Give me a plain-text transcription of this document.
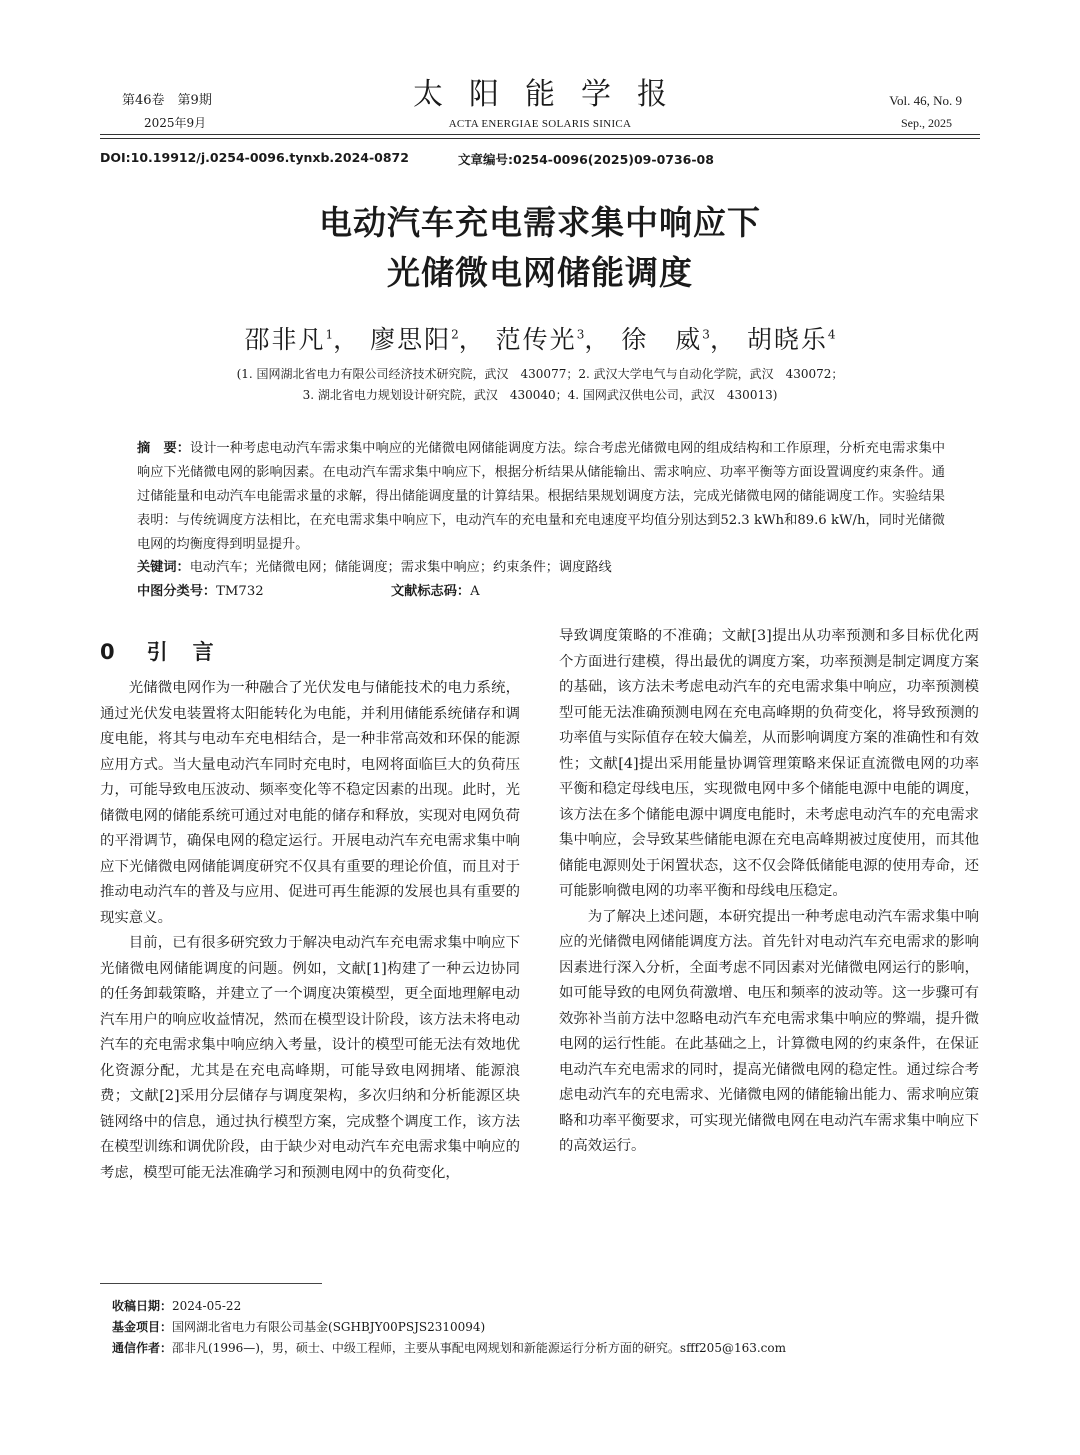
第46卷　第9期
2025年9月
太阳能学报
ACTA ENERGIAE SOLARIS SINICA
Vol. 46, No. 9
Sep., 2025
DOI:10.19912/j.0254-0096.tynxb.2024-0872	文章编号:0254-0096(2025)09-0736-08
电动汽车充电需求集中响应下
光储微电网储能调度
邵非凡$^1$， 廖思阳$^2$， 范传光$^3$， 徐　威$^3$， 胡晓乐$^4$
(1. 国网湖北省电力有限公司经济技术研究院，武汉　430077；2. 武汉大学电气与自动化学院，武汉　430072；
3. 湖北省电力规划设计研究院，武汉　430040；4. 国网武汉供电公司，武汉　430013)
摘　要：设计一种考虑电动汽车需求集中响应的光储微电网储能调度方法。综合考虑光储微电网的组成结构和工作原理，分析充电需求集中响应下光储微电网的影响因素。在电动汽车需求集中响应下，根据分析结果从储能输出、需求响应、功率平衡等方面设置调度约束条件。通过储能量和电动汽车电能需求量的求解，得出储能调度量的计算结果。根据结果规划调度方法，完成光储微电网的储能调度工作。实验结果表明：与传统调度方法相比，在充电需求集中响应下，电动汽车的充电量和充电速度平均值分别达到52.3 kWh和89.6 kW/h，同时光储微电网的均衡度得到明显提升。
关键词：电动汽车；光储微电网；储能调度；需求集中响应；约束条件；调度路线
中图分类号：TM732	文献标志码：A
0 引　言

光储微电网作为一种融合了光伏发电与储能技术的电力系统，通过光伏发电装置将太阳能转化为电能，并利用储能系统储存和调度电能，将其与电动车充电相结合，是一种非常高效和环保的能源应用方式。当大量电动汽车同时充电时，电网将面临巨大的负荷压力，可能导致电压波动、频率变化等不稳定因素的出现。此时，光储微电网的储能系统可通过对电能的储存和释放，实现对电网负荷的平滑调节，确保电网的稳定运行。开展电动汽车充电需求集中响应下光储微电网储能调度研究不仅具有重要的理论价值，而且对于推动电动汽车的普及与应用、促进可再生能源的发展也具有重要的现实意义。

目前，已有很多研究致力于解决电动汽车充电需求集中响应下光储微电网储能调度的问题。例如，文献[1]构建了一种云边协同的任务卸载策略，并建立了一个调度决策模型，更全面地理解电动汽车用户的响应收益情况，然而在模型设计阶段，该方法未将电动汽车的充电需求集中响应纳入考量，设计的模型可能无法有效地优化资源分配，尤其是在充电高峰期，可能导致电网拥堵、能源浪费；文献[2]采用分层储存与调度架构，多次归纳和分析能源区块链网络中的信息，通过执行模型方案，完成整个调度工作，该方法在模型训练和调优阶段，由于缺少对电动汽车充电需求集中响应的考虑，模型可能无法准确学习和预测电网中的负荷变化，

导致调度策略的不准确；文献[3]提出从功率预测和多目标优化两个方面进行建模，得出最优的调度方案，功率预测是制定调度方案的基础，该方法未考虑电动汽车的充电需求集中响应，功率预测模型可能无法准确预测电网在充电高峰期的负荷变化，将导致预测的功率值与实际值存在较大偏差，从而影响调度方案的准确性和有效性；文献[4]提出采用能量协调管理策略来保证直流微电网的功率平衡和稳定母线电压，实现微电网中多个储能电源中电能的调度，该方法在多个储能电源中调度电能时，未考虑电动汽车的充电需求集中响应，会导致某些储能电源在充电高峰期被过度使用，而其他储能电源则处于闲置状态，这不仅会降低储能电源的使用寿命，还可能影响微电网的功率平衡和母线电压稳定。

为了解决上述问题，本研究提出一种考虑电动汽车需求集中响应的光储微电网储能调度方法。首先针对电动汽车充电需求的影响因素进行深入分析，全面考虑不同因素对光储微电网运行的影响，如可能导致的电网负荷激增、电压和频率的波动等。这一步骤可有效弥补当前方法中忽略电动汽车充电需求集中响应的弊端，提升微电网的运行性能。在此基础之上，计算微电网的约束条件，在保证电动汽车充电需求的同时，提高光储微电网的稳定性。通过综合考虑电动汽车的充电需求、光储微电网的储能输出能力、需求响应策略和功率平衡要求，可实现光储微电网在电动汽车需求集中响应下的高效运行。

收稿日期：2024-05-22
基金项目：国网湖北省电力有限公司基金(SGHBJY00PSJS2310094)
通信作者：邵非凡(1996—)，男，硕士、中级工程师，主要从事配电网规划和新能源运行分析方面的研究。sfff205@163.com
